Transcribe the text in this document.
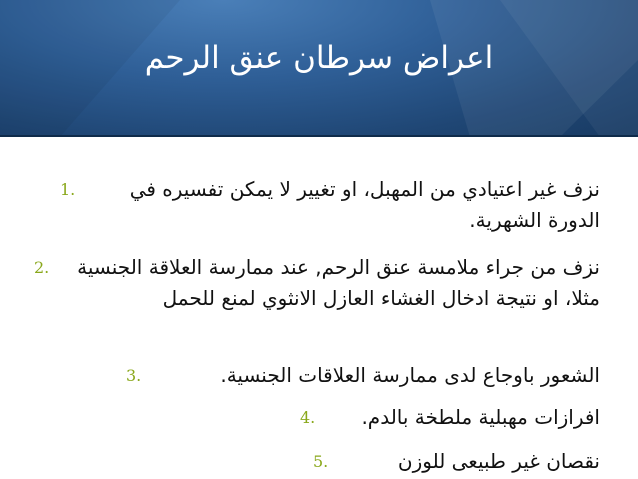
اعراض سرطان عنق الرحم
1.	نزف غير اعتيادي من المهبل، او تغيير لا يمكن تفسيره في الدورة الشهرية.
2.	نزف من جراء ملامسة عنق الرحم, عند ممارسة العلاقة الجنسية مثلا، او نتيجة ادخال الغشاء العازل الانثوي لمنع للحمل
3.	الشعور باوجاع لدى ممارسة العلاقات الجنسية.
4.	افرازات مهبلية ملطخة بالدم.
5.	نقصان غير طبيعى للوزن
